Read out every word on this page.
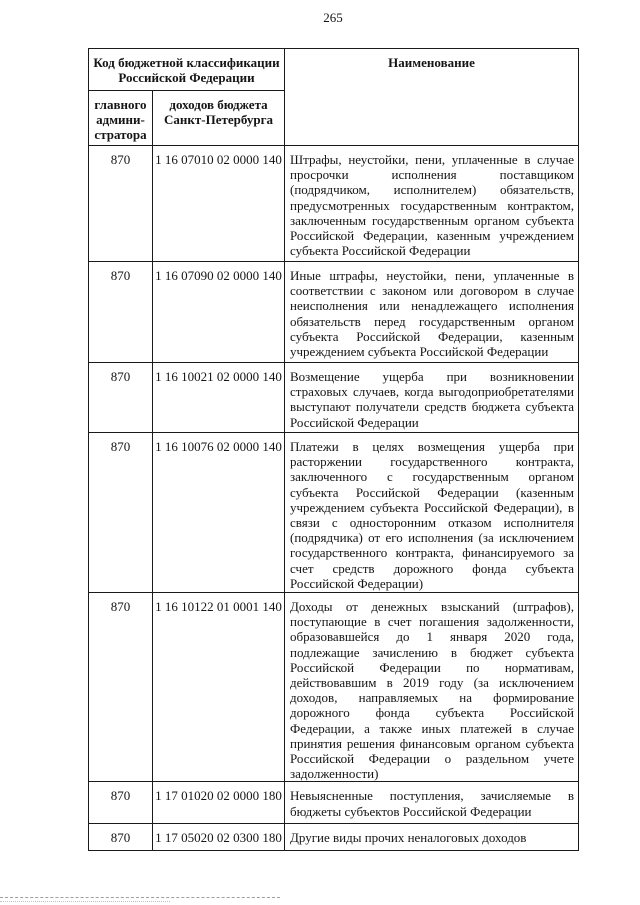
265
Код бюджетной классификации Российской Федерации		Наименование
главного админи-стратора	доходов бюджета Санкт-Петербурга	
870	1 16 07010 02 0000 140	Штрафы, неустойки, пени, уплаченные в случае просрочки исполнения поставщиком (подрядчиком, исполнителем) обязательств, предусмотренных государственным контрактом, заключенным государственным органом субъекта Российской Федерации, казенным учреждением субъекта Российской Федерации
870	1 16 07090 02 0000 140	Иные штрафы, неустойки, пени, уплаченные в соответствии с законом или договором в случае неисполнения или ненадлежащего исполнения обязательств перед государственным органом субъекта Российской Федерации, казенным учреждением субъекта Российской Федерации
870	1 16 10021 02 0000 140	Возмещение ущерба при возникновении страховых случаев, когда выгодоприобретателями выступают получатели средств бюджета субъекта Российской Федерации
870	1 16 10076 02 0000 140	Платежи в целях возмещения ущерба при расторжении государственного контракта, заключенного с государственным органом субъекта Российской Федерации (казенным учреждением субъекта Российской Федерации), в связи с односторонним отказом исполнителя (подрядчика) от его исполнения (за исключением государственного контракта, финансируемого за счет средств дорожного фонда субъекта Российской Федерации)
870	1 16 10122 01 0001 140	Доходы от денежных взысканий (штрафов), поступающие в счет погашения задолженности, образовавшейся до 1 января 2020 года, подлежащие зачислению в бюджет субъекта Российской Федерации по нормативам, действовавшим в 2019 году (за исключением доходов, направляемых на формирование дорожного фонда субъекта Российской Федерации, а также иных платежей в случае принятия решения финансовым органом субъекта Российской Федерации о раздельном учете задолженности)
870	1 17 01020 02 0000 180	Невыясненные поступления, зачисляемые в бюджеты субъектов Российской Федерации
870	1 17 05020 02 0300 180	Другие виды прочих неналоговых доходов
